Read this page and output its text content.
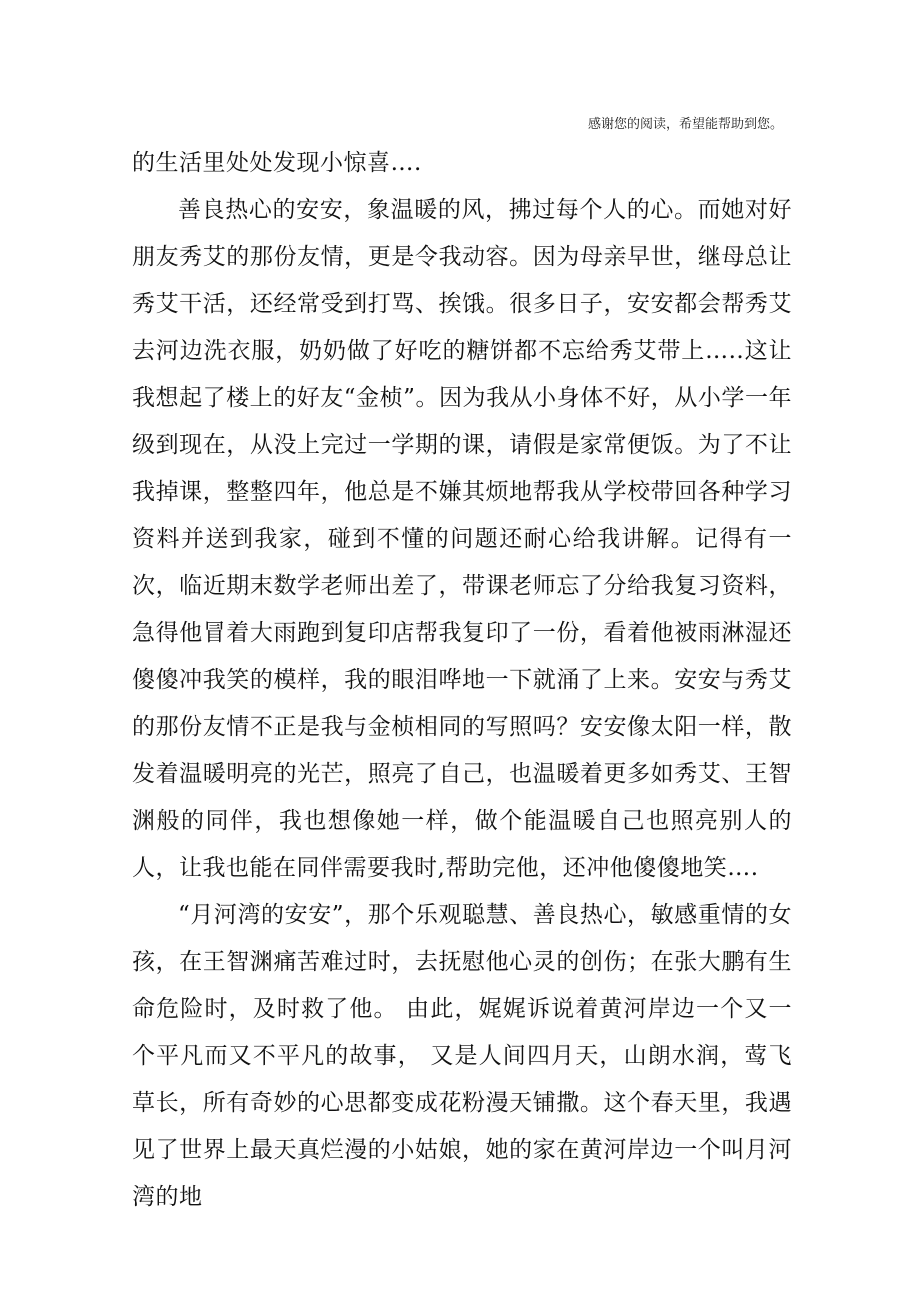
感谢您的阅读，希望能帮助到您。

的生活里处处发现小惊喜….

善良热心的安安，象温暖的风，拂过每个人的心。而她对好朋友秀艾的那份友情，更是令我动容。因为母亲早世，继母总让秀艾干活，还经常受到打骂、挨饿。很多日子，安安都会帮秀艾去河边洗衣服，奶奶做了好吃的糖饼都不忘给秀艾带上…..这让我想起了楼上的好友“金桢”。因为我从小身体不好，从小学一年级到现在，从没上完过一学期的课，请假是家常便饭。为了不让我掉课，整整四年，他总是不嫌其烦地帮我从学校带回各种学习资料并送到我家，碰到不懂的问题还耐心给我讲解。记得有一次，临近期末数学老师出差了，带课老师忘了分给我复习资料，急得他冒着大雨跑到复印店帮我复印了一份，看着他被雨淋湿还傻傻冲我笑的模样，我的眼泪哗地一下就涌了上来。安安与秀艾的那份友情不正是我与金桢相同的写照吗？安安像太阳一样，散发着温暖明亮的光芒，照亮了自己，也温暖着更多如秀艾、王智渊般的同伴，我也想像她一样，做个能温暖自己也照亮别人的人，让我也能在同伴需要我时,帮助完他，还冲他傻傻地笑….

“月河湾的安安”，那个乐观聪慧、善良热心，敏感重情的女孩，在王智渊痛苦难过时，去抚慰他心灵的创伤；在张大鹏有生命危险时，及时救了他。 由此，娓娓诉说着黄河岸边一个又一个平凡而又不平凡的故事， 又是人间四月天，山朗水润，莺飞草长，所有奇妙的心思都变成花粉漫天铺撒。这个春天里，我遇见了世界上最天真烂漫的小姑娘，她的家在黄河岸边一个叫月河湾的地
